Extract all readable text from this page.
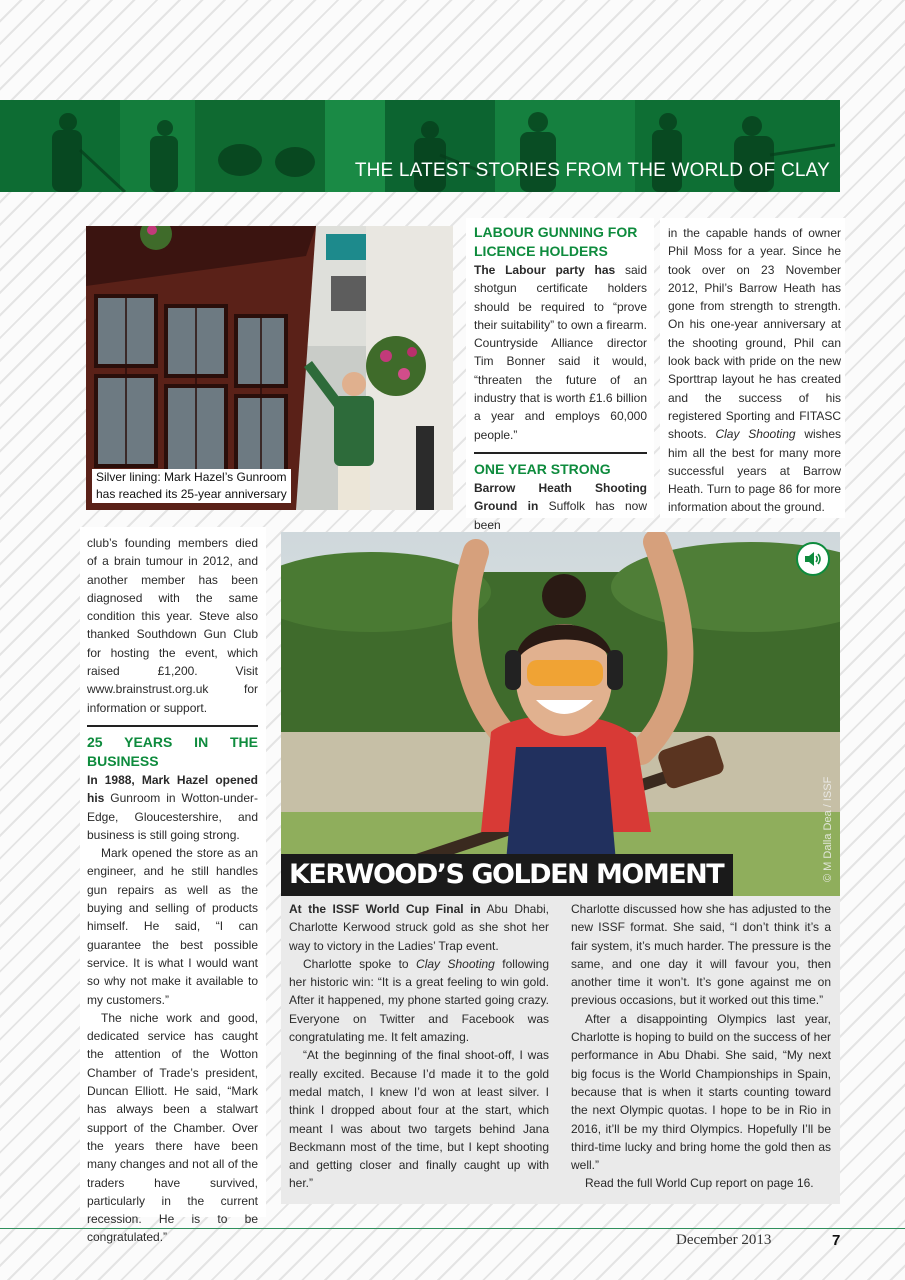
THE LATEST STORIES FROM THE WORLD OF CLAY
Silver lining: Mark Hazel’s Gunroom
has reached its 25-year anniversary
LABOUR GUNNING FOR
LICENCE HOLDERS

The Labour party has said shotgun certificate holders should be required to “prove their suitability” to own a firearm. Countryside Alliance director Tim Bonner said it would, “threaten the future of an industry that is worth £1.6 billion a year and employs 60,000 people.”

ONE YEAR STRONG

Barrow Heath Shooting Ground in Suffolk has now been

in the capable hands of owner Phil Moss for a year. Since he took over on 23 November 2012, Phil’s Barrow Heath has gone from strength to strength. On his one-year anniversary at the shooting ground, Phil can look back with pride on the new Sporttrap layout he has created and the success of his registered Sporting and FITASC shoots. Clay Shooting wishes him all the best for many more successful years at Barrow Heath. Turn to page 86 for more information about the ground.

club’s founding members died of a brain tumour in 2012, and another member has been diagnosed with the same condition this year. Steve also thanked Southdown Gun Club for hosting the event, which raised £1,200. Visit www.brainstrust.org.uk for information or support.

25 YEARS IN THE BUSINESS

In 1988, Mark Hazel opened his Gunroom in Wotton-under-Edge, Gloucestershire, and business is still going strong.

Mark opened the store as an engineer, and he still handles gun repairs as well as the buying and selling of products himself. He said, “I can guarantee the best possible service. It is what I would want so why not make it available to my customers.”

The niche work and good, dedicated service has caught the attention of the Wotton Chamber of Trade’s president, Duncan Elliott. He said, “Mark has always been a stalwart support of the Chamber. Over the years there have been many changes and not all of the traders have survived, particularly in the current recession. He is to be congratulated.”

© M Dalla Dea / ISSF
KERWOOD’S GOLDEN MOMENT

At the ISSF World Cup Final in Abu Dhabi, Charlotte Kerwood struck gold as she shot her way to victory in the Ladies’ Trap event.

Charlotte spoke to Clay Shooting following her historic win: “It is a great feeling to win gold. After it happened, my phone started going crazy. Everyone on Twitter and Facebook was congratulating me. It felt amazing.

“At the beginning of the final shoot-off, I was really excited. Because I’d made it to the gold medal match, I knew I’d won at least silver. I think I dropped about four at the start, which meant I was about two targets behind Jana Beckmann most of the time, but I kept shooting and getting closer and finally caught up with her.”

Charlotte discussed how she has adjusted to the new ISSF format. She said, “I don’t think it’s a fair system, it’s much harder. The pressure is the same, and one day it will favour you, then another time it won’t. It’s gone against me on previous occasions, but it worked out this time.”

After a disappointing Olympics last year, Charlotte is hoping to build on the success of her performance in Abu Dhabi. She said, “My next big focus is the World Championships in Spain, because that is when it starts counting toward the next Olympic quotas. I hope to be in Rio in 2016, it’ll be my third Olympics. Hopefully I’ll be third-time lucky and bring home the gold then as well.”

Read the full World Cup report on page 16.

December 2013	7
